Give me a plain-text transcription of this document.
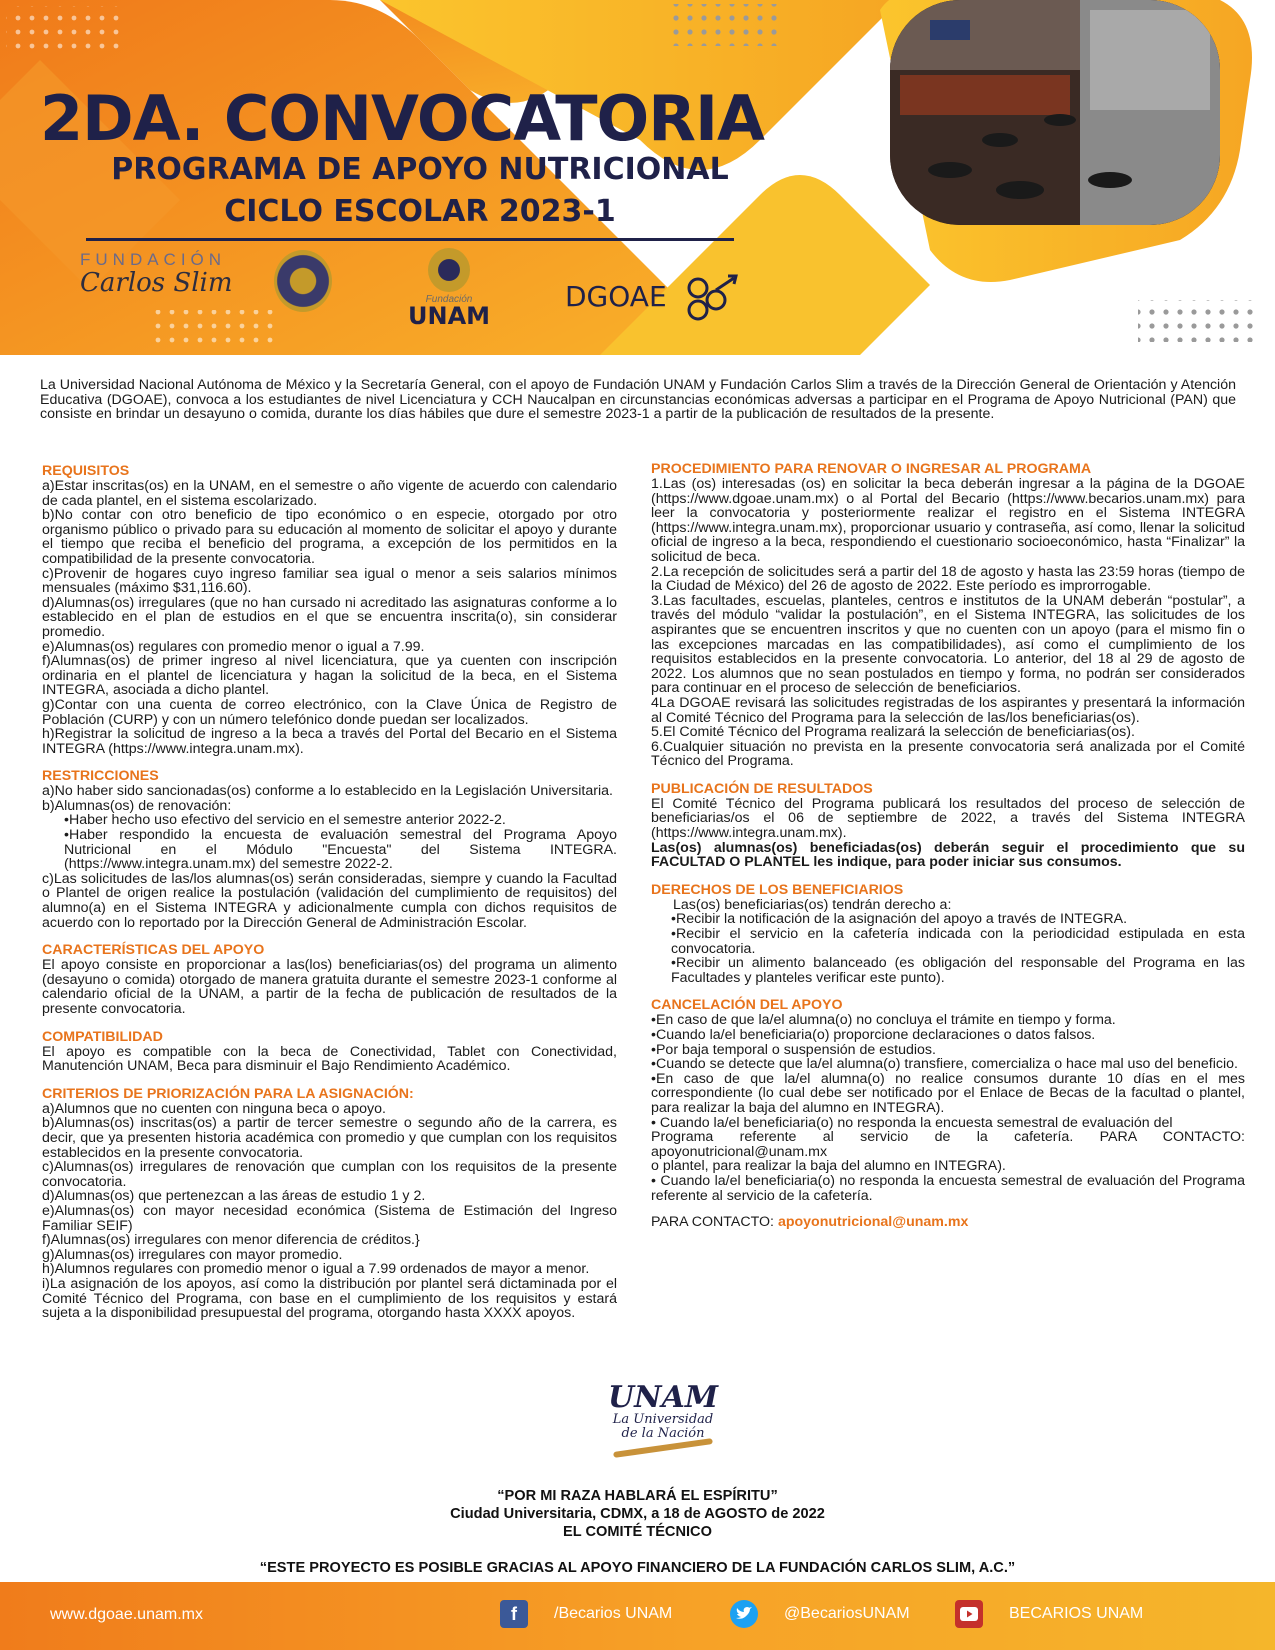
2DA. CONVOCATORIA
PROGRAMA DE APOYO NUTRICIONAL
CICLO ESCOLAR 2023-1
FUNDACIÓN
Carlos Slim
Fundación
UNAM
DGOAE
La Universidad Nacional Autónoma de México y la Secretaría General, con el apoyo de Fundación UNAM y Fundación Carlos Slim a través de la Dirección General de Orientación y Atención Educativa (DGOAE), convoca a los estudiantes de nivel Licenciatura y CCH Naucalpan en circunstancias económicas adversas a participar en el Programa de Apoyo Nutricional (PAN) que consiste en brindar un desayuno o comida, durante los días hábiles que dure el semestre 2023-1 a partir de la publicación de resultados de la presente.
REQUISITOS
a)Estar inscritas(os) en la UNAM, en el semestre o año vigente de acuerdo con calendario de cada plantel, en el sistema escolarizado.
b)No contar con otro beneficio de tipo económico o en especie, otorgado por otro organismo público o privado para su educación al momento de solicitar el apoyo y durante el tiempo que reciba el beneficio del programa, a excepción de los permitidos en la compatibilidad de la presente convocatoria.
c)Provenir de hogares cuyo ingreso familiar sea igual o menor a seis salarios mínimos mensuales (máximo $31,116.60).
d)Alumnas(os) irregulares (que no han cursado ni acreditado las asignaturas conforme a lo establecido en el plan de estudios en el que se encuentra inscrita(o), sin considerar promedio.
e)Alumnas(os) regulares con promedio menor o igual a 7.99.
f)Alumnas(os) de primer ingreso al nivel licenciatura, que ya cuenten con inscripción ordinaria en el plantel de licenciatura y hagan la solicitud de la beca, en el Sistema INTEGRA, asociada a dicho plantel.
g)Contar con una cuenta de correo electrónico, con la Clave Única de Registro de Población (CURP) y con un número telefónico donde puedan ser localizados.
h)Registrar la solicitud de ingreso a la beca a través del Portal del Becario en el Sistema INTEGRA (https://www.integra.unam.mx).
RESTRICCIONES
a)No haber sido sancionadas(os) conforme a lo establecido en la Legislación Universitaria.
b)Alumnas(os) de renovación:
•Haber hecho uso efectivo del servicio en el semestre anterior 2022-2.
•Haber respondido la encuesta de evaluación semestral del Programa Apoyo Nutricional en el Módulo "Encuesta" del Sistema INTEGRA. (https://www.integra.unam.mx) del semestre 2022-2.
c)Las solicitudes de las/los alumnas(os) serán consideradas, siempre y cuando la Facultad o Plantel de origen realice la postulación (validación del cumplimiento de requisitos) del alumno(a) en el Sistema INTEGRA y adicionalmente cumpla con dichos requisitos de acuerdo con lo reportado por la Dirección General de Administración Escolar.
CARACTERÍSTICAS DEL APOYO
El apoyo consiste en proporcionar a las(los) beneficiarias(os) del programa un alimento (desayuno o comida) otorgado de manera gratuita durante el semestre 2023-1 conforme al calendario oficial de la UNAM, a partir de la fecha de publicación de resultados de la presente convocatoria.
COMPATIBILIDAD
El apoyo es compatible con la beca de Conectividad, Tablet con Conectividad, Manutención UNAM, Beca para disminuir el Bajo Rendimiento Académico.
CRITERIOS DE PRIORIZACIÓN PARA LA ASIGNACIÓN:
a)Alumnos que no cuenten con ninguna beca o apoyo.
b)Alumnas(os) inscritas(os) a partir de tercer semestre o segundo año de la carrera, es decir, que ya presenten historia académica con promedio y que cumplan con los requisitos establecidos en la presente convocatoria.
c)Alumnas(os) irregulares de renovación que cumplan con los requisitos de la presente convocatoria.
d)Alumnas(os) que pertenezcan a las áreas de estudio 1 y 2.
e)Alumnas(os) con mayor necesidad económica (Sistema de Estimación del Ingreso Familiar SEIF)
f)Alumnas(os) irregulares con menor diferencia de créditos.}
g)Alumnas(os) irregulares con mayor promedio.
h)Alumnos regulares con promedio menor o igual a 7.99 ordenados de mayor a menor.
i)La asignación de los apoyos, así como la distribución por plantel será dictaminada por el Comité Técnico del Programa, con base en el cumplimiento de los requisitos y estará sujeta a la disponibilidad presupuestal del programa, otorgando hasta XXXX apoyos.
PROCEDIMIENTO PARA RENOVAR O INGRESAR AL PROGRAMA
1.Las (os) interesadas (os) en solicitar la beca deberán ingresar a la página de la DGOAE (https://www.dgoae.unam.mx) o al Portal del Becario (https://www.becarios.unam.mx) para leer la convocatoria y posteriormente realizar el registro en el Sistema INTEGRA (https://www.integra.unam.mx), proporcionar usuario y contraseña, así como, llenar la solicitud oficial de ingreso a la beca, respondiendo el cuestionario socioeconómico, hasta “Finalizar” la solicitud de beca.
2.La recepción de solicitudes será a partir del 18 de agosto y hasta las 23:59 horas (tiempo de la Ciudad de México) del 26 de agosto de 2022. Este período es improrrogable.
3.Las facultades, escuelas, planteles, centros e institutos de la UNAM deberán “postular”, a través del módulo “validar la postulación”, en el Sistema INTEGRA, las solicitudes de los aspirantes que se encuentren inscritos y que no cuenten con un apoyo (para el mismo fin o las excepciones marcadas en las compatibilidades), así como el cumplimiento de los requisitos establecidos en la presente convocatoria. Lo anterior, del 18 al 29 de agosto de 2022. Los alumnos que no sean postulados en tiempo y forma, no podrán ser considerados para continuar en el proceso de selección de beneficiarios.
4La DGOAE revisará las solicitudes registradas de los aspirantes y presentará la información al Comité Técnico del Programa para la selección de las/los beneficiarias(os).
5.El Comité Técnico del Programa realizará la selección de beneficiarias(os).
6.Cualquier situación no prevista en la presente convocatoria será analizada por el Comité Técnico del Programa.
PUBLICACIÓN DE RESULTADOS
El Comité Técnico del Programa publicará los resultados del proceso de selección de beneficiarias/os el 06 de septiembre de 2022, a través del Sistema INTEGRA (https://www.integra.unam.mx).
Las(os) alumnas(os) beneficiadas(os) deberán seguir el procedimiento que su FACULTAD O PLANTEL les indique, para poder iniciar sus consumos.
DERECHOS DE LOS BENEFICIARIOS
Las(os) beneficiarias(os) tendrán derecho a:
•Recibir la notificación de la asignación del apoyo a través de INTEGRA.
•Recibir el servicio en la cafetería indicada con la periodicidad estipulada en esta convocatoria.
•Recibir un alimento balanceado (es obligación del responsable del Programa en las Facultades y planteles verificar este punto).
CANCELACIÓN DEL APOYO
•En caso de que la/el alumna(o) no concluya el trámite en tiempo y forma.
•Cuando la/el beneficiaria(o) proporcione declaraciones o datos falsos.
•Por baja temporal o suspensión de estudios.
•Cuando se detecte que la/el alumna(o) transfiere, comercializa o hace mal uso del beneficio.
•En caso de que la/el alumna(o) no realice consumos durante 10 días en el mes correspondiente (lo cual debe ser notificado por el Enlace de Becas de la facultad o plantel, para realizar la baja del alumno en INTEGRA).
• Cuando la/el beneficiaria(o) no responda la encuesta semestral de evaluación del
Programa referente al servicio de la cafetería. PARA CONTACTO: apoyonutricional@unam.mx
o plantel, para realizar la baja del alumno en INTEGRA).
• Cuando la/el beneficiaria(o) no responda la encuesta semestral de evaluación del Programa referente al servicio de la cafetería.
PARA CONTACTO: apoyonutricional@unam.mx
UNAM
La Universidad
de la Nación
“POR MI RAZA HABLARÁ EL ESPÍRITU”
Ciudad Universitaria, CDMX, a 18 de AGOSTO de 2022
EL COMITÉ TÉCNICO
“ESTE PROYECTO ES POSIBLE GRACIAS AL APOYO FINANCIERO DE LA FUNDACIÓN CARLOS SLIM, A.C.”
www.dgoae.unam.mx	f	/Becarios UNAM	@BecariosUNAM	BECARIOS UNAM
